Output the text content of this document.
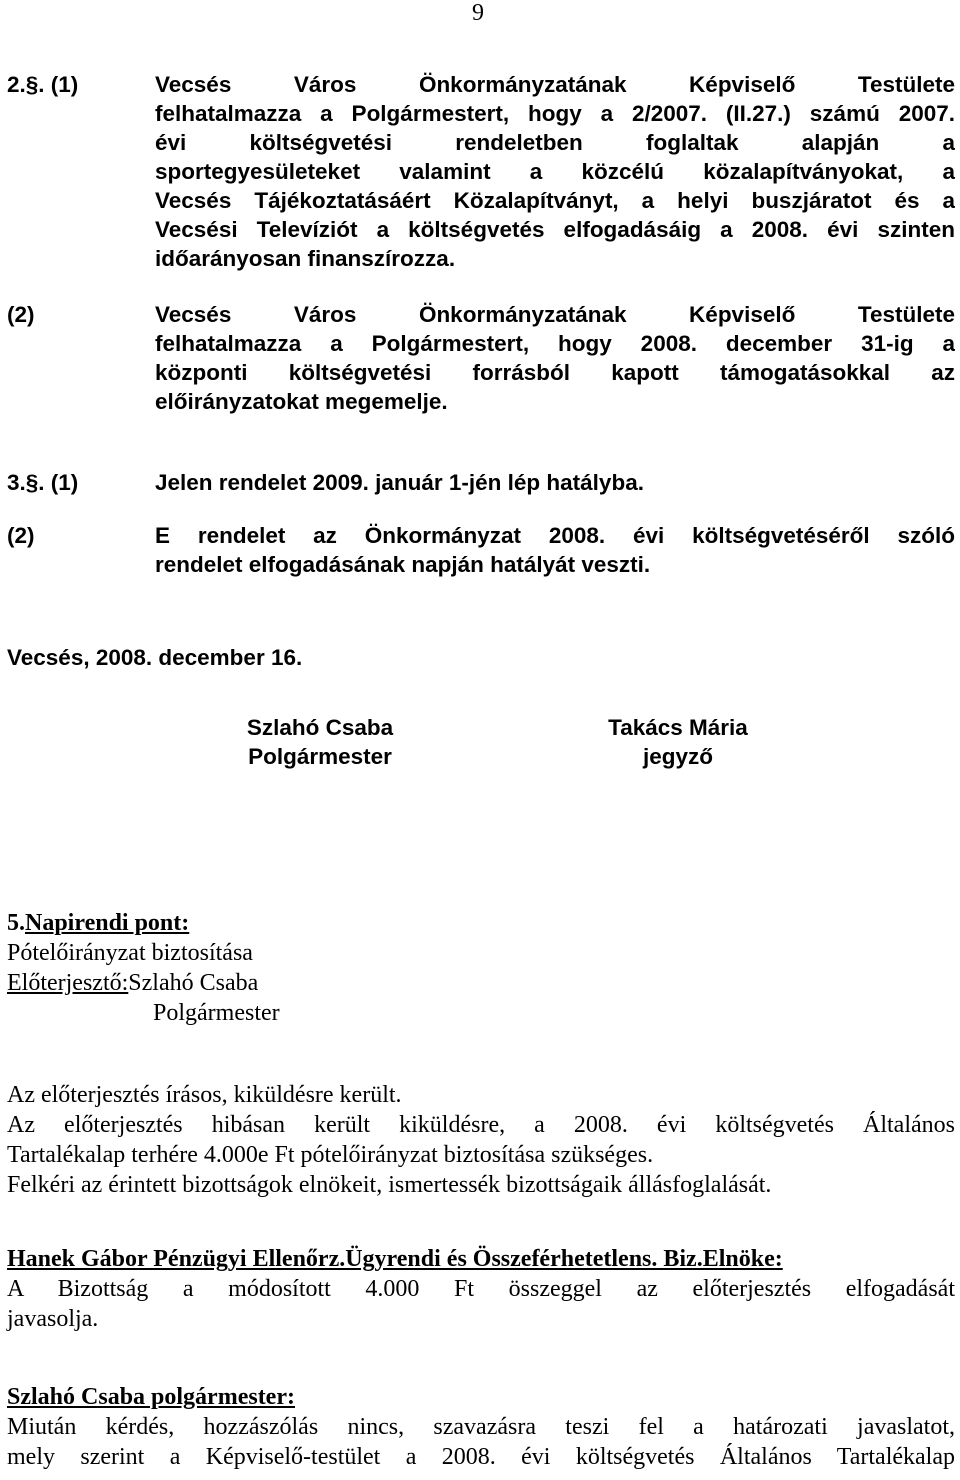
9
2.§. (1)	Vecsés Város Önkormányzatának Képviselő Testülete
felhatalmazza a Polgármestert, hogy a 2/2007. (II.27.) számú 2007.
évi költségvetési rendeletben foglaltak alapján a
sportegyesületeket valamint a közcélú közalapítványokat, a
Vecsés Tájékoztatásáért Közalapítványt, a helyi buszjáratot és a
Vecsési Televíziót a költségvetés elfogadásáig a 2008. évi szinten
időarányosan finanszírozza.
(2)	Vecsés Város Önkormányzatának Képviselő Testülete
felhatalmazza a Polgármestert, hogy 2008. december 31-ig a
központi költségvetési forrásból kapott támogatásokkal az
előirányzatokat megemelje.
3.§. (1)	Jelen rendelet 2009. január 1-jén lép hatályba.
(2)	E rendelet az Önkormányzat 2008. évi költségvetéséről szóló
rendelet elfogadásának napján hatályát veszti.
Vecsés, 2008. december 16.
Szlahó Csaba
Polgármester
Takács Mária
jegyző
5.Napirendi pont:
Pótelőirányzat biztosítása
Előterjesztő:Szlahó Csaba
Polgármester
Az előterjesztés írásos, kiküldésre került.
Az előterjesztés hibásan került kiküldésre, a 2008. évi költségvetés Általános
Tartalékalap terhére 4.000e Ft pótelőirányzat biztosítása szükséges.
Felkéri az érintett bizottságok elnökeit, ismertessék bizottságaik állásfoglalását.
Hanek Gábor Pénzügyi Ellenőrz.Ügyrendi és Összeférhetetlens. Biz.Elnöke:
A Bizottság a módosított 4.000 Ft összeggel az előterjesztés elfogadását
javasolja.
Szlahó Csaba polgármester:
Miután kérdés, hozzászólás nincs, szavazásra teszi fel a határozati javaslatot,
mely szerint a Képviselő-testület a 2008. évi költségvetés Általános Tartalékalap
